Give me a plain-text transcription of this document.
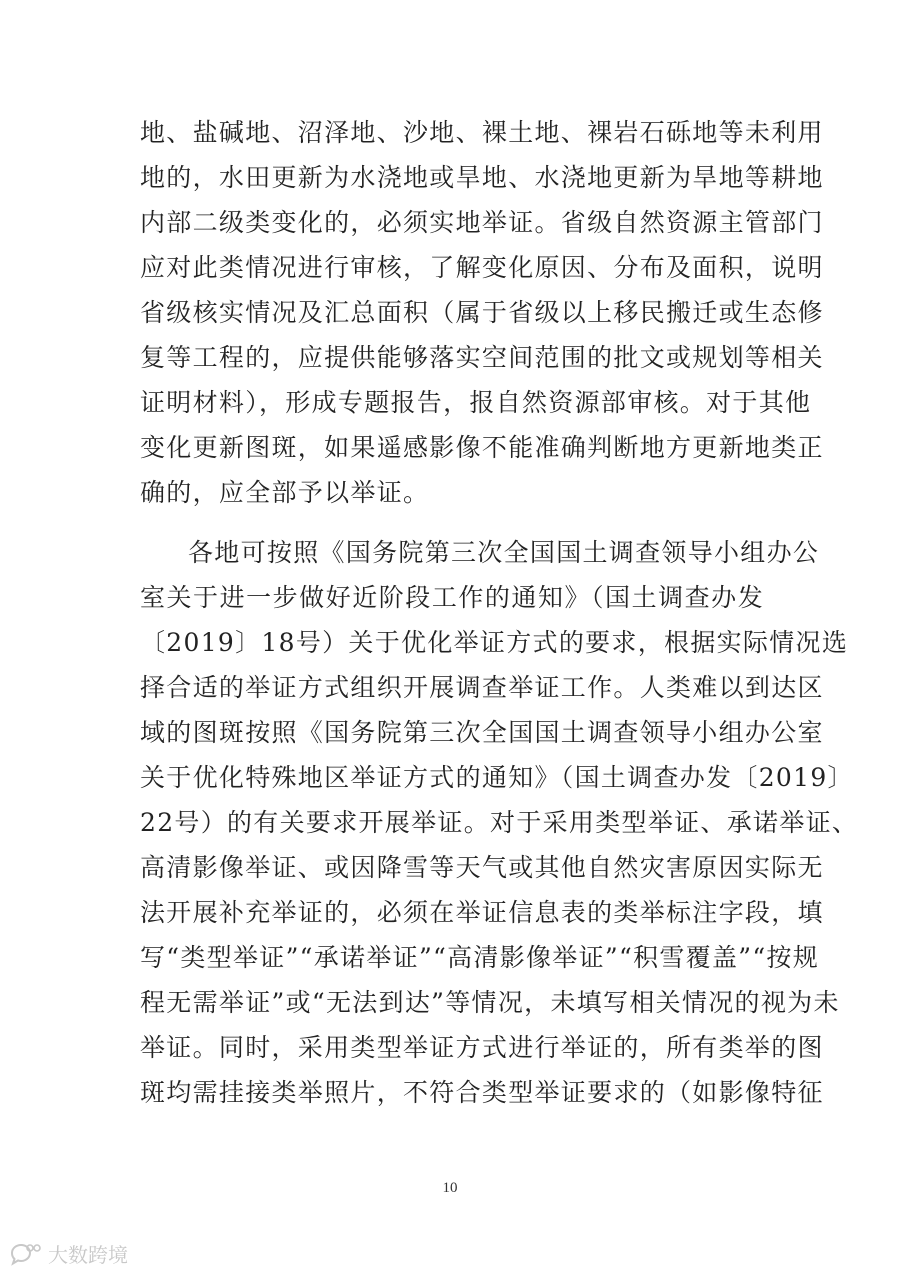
地、盐碱地、沼泽地、沙地、裸土地、裸岩石砾地等未利用
地的，水田更新为水浇地或旱地、水浇地更新为旱地等耕地
内部二级类变化的，必须实地举证。省级自然资源主管部门
应对此类情况进行审核，了解变化原因、分布及面积，说明
省级核实情况及汇总面积（属于省级以上移民搬迁或生态修
复等工程的，应提供能够落实空间范围的批文或规划等相关
证明材料），形成专题报告，报自然资源部审核。对于其他
变化更新图斑，如果遥感影像不能准确判断地方更新地类正
确的，应全部予以举证。
各地可按照《国务院第三次全国国土调查领导小组办公
室关于进一步做好近阶段工作的通知》（国土调查办发
〔2019〕18号）关于优化举证方式的要求，根据实际情况选
择合适的举证方式组织开展调查举证工作。人类难以到达区
域的图斑按照《国务院第三次全国国土调查领导小组办公室
关于优化特殊地区举证方式的通知》（国土调查办发〔2019〕
22号）的有关要求开展举证。对于采用类型举证、承诺举证、
高清影像举证、或因降雪等天气或其他自然灾害原因实际无
法开展补充举证的，必须在举证信息表的类举标注字段，填
写“类型举证”“承诺举证”“高清影像举证”“积雪覆盖”“按规
程无需举证”或“无法到达”等情况，未填写相关情况的视为未
举证。同时，采用类型举证方式进行举证的，所有类举的图
斑均需挂接类举照片，不符合类型举证要求的（如影像特征
10
大数跨境
